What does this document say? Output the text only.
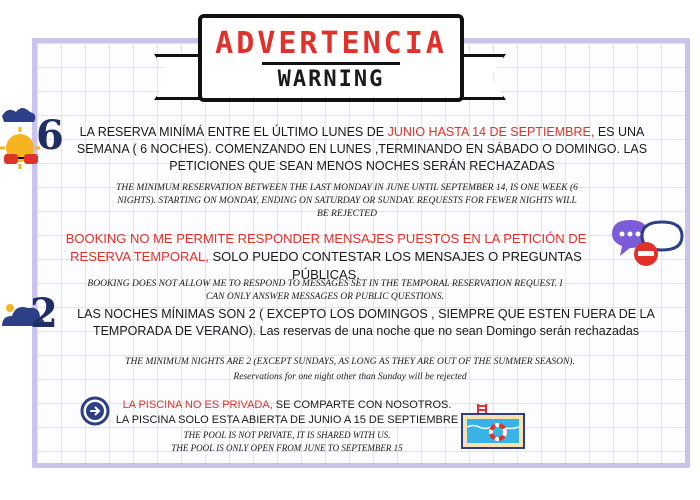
ADVERTENCIA
WARNING
6	LA RESERVA MINÍMÁ ENTRE EL ÚLTIMO LUNES DE JUNIO HASTA 14 DE SEPTIEMBRE, ES UNA SEMANA ( 6 NOCHES). COMENZANDO EN LUNES ,TERMINANDO EN SÁBADO O DOMINGO. LAS PETICIONES QUE SEAN MENOS NOCHES SERÁN RECHAZADAS
THE MINIMUM RESERVATION BETWEEN THE LAST MONDAY IN JUNE UNTIL SEPTEMBER 14, IS ONE WEEK (6 NIGHTS). STARTING ON MONDAY, ENDING ON SATURDAY OR SUNDAY. REQUESTS FOR FEWER NIGHTS WILL BE REJECTED
BOOKING NO ME PERMITE RESPONDER MENSAJES PUESTOS EN LA PETICIÓN DE RESERVA TEMPORAL, SOLO PUEDO CONTESTAR LOS MENSAJES O PREGUNTAS PÚBLICAS.
BOOKING DOES NOT ALLOW ME TO RESPOND TO MESSAGES SET IN THE TEMPORAL RESERVATION REQUEST. I CAN ONLY ANSWER MESSAGES OR PUBLIC QUESTIONS.
2	LAS NOCHES MÍNIMAS SON 2 ( EXCEPTO LOS DOMINGOS , SIEMPRE QUE ESTEN FUERA DE LA TEMPORADA DE VERANO). Las reservas de una noche que no sean Domingo serán rechazadas
THE MINIMUM NIGHTS ARE 2 (EXCEPT SUNDAYS, AS LONG AS THEY ARE OUT OF THE SUMMER SEASON).
Reservations for one night other than Sunday will be rejected
LA PISCINA NO ES PRIVADA, SE COMPARTE CON NOSOTROS.
LA PISCINA SOLO ESTA ABIERTA DE JUNIO A 15 DE SEPTIEMBRE
THE POOL IS NOT PRIVATE, IT IS SHARED WITH US.
THE POOL IS ONLY OPEN FROM JUNE TO SEPTEMBER 15
